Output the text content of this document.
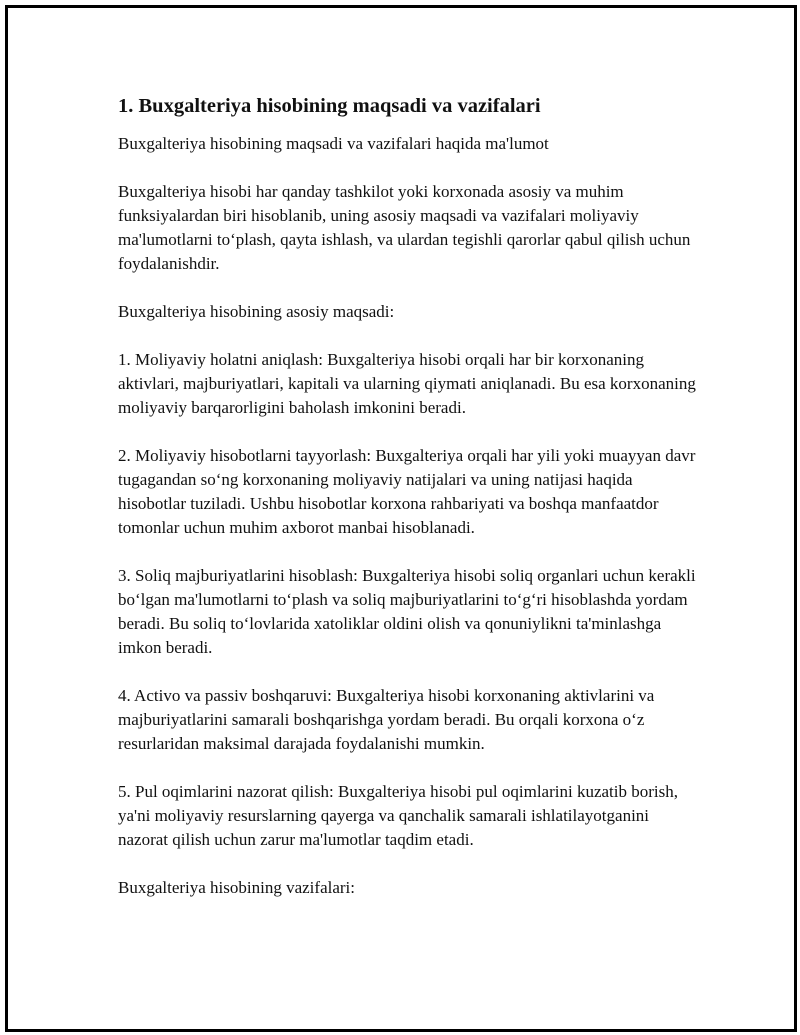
1. Buxgalteriya hisobining maqsadi va vazifalari

Buxgalteriya hisobining maqsadi va vazifalari haqida ma'lumot

Buxgalteriya hisobi har qanday tashkilot yoki korxonada asosiy va muhim funksiyalardan biri hisoblanib, uning asosiy maqsadi va vazifalari moliyaviy ma'lumotlarni to‘plash, qayta ishlash, va ulardan tegishli qarorlar qabul qilish uchun foydalanishdir.

Buxgalteriya hisobining asosiy maqsadi:

1. Moliyaviy holatni aniqlash: Buxgalteriya hisobi orqali har bir korxonaning aktivlari, majburiyatlari, kapitali va ularning qiymati aniqlanadi. Bu esa korxonaning moliyaviy barqarorligini baholash imkonini beradi.

2. Moliyaviy hisobotlarni tayyorlash: Buxgalteriya orqali har yili yoki muayyan davr tugagandan so‘ng korxonaning moliyaviy natijalari va uning natijasi haqida hisobotlar tuziladi. Ushbu hisobotlar korxona rahbariyati va boshqa manfaatdor tomonlar uchun muhim axborot manbai hisoblanadi.

3. Soliq majburiyatlarini hisoblash: Buxgalteriya hisobi soliq organlari uchun kerakli bo‘lgan ma'lumotlarni to‘plash va soliq majburiyatlarini to‘g‘ri hisoblashda yordam beradi. Bu soliq to‘lovlarida xatoliklar oldini olish va qonuniylikni ta'minlashga imkon beradi.

4. Activo va passiv boshqaruvi: Buxgalteriya hisobi korxonaning aktivlarini va majburiyatlarini samarali boshqarishga yordam beradi. Bu orqali korxona o‘z resurlaridan maksimal darajada foydalanishi mumkin.

5. Pul oqimlarini nazorat qilish: Buxgalteriya hisobi pul oqimlarini kuzatib borish, ya'ni moliyaviy resurslarning qayerga va qanchalik samarali ishlatilayotganini nazorat qilish uchun zarur ma'lumotlar taqdim etadi.

Buxgalteriya hisobining vazifalari:
